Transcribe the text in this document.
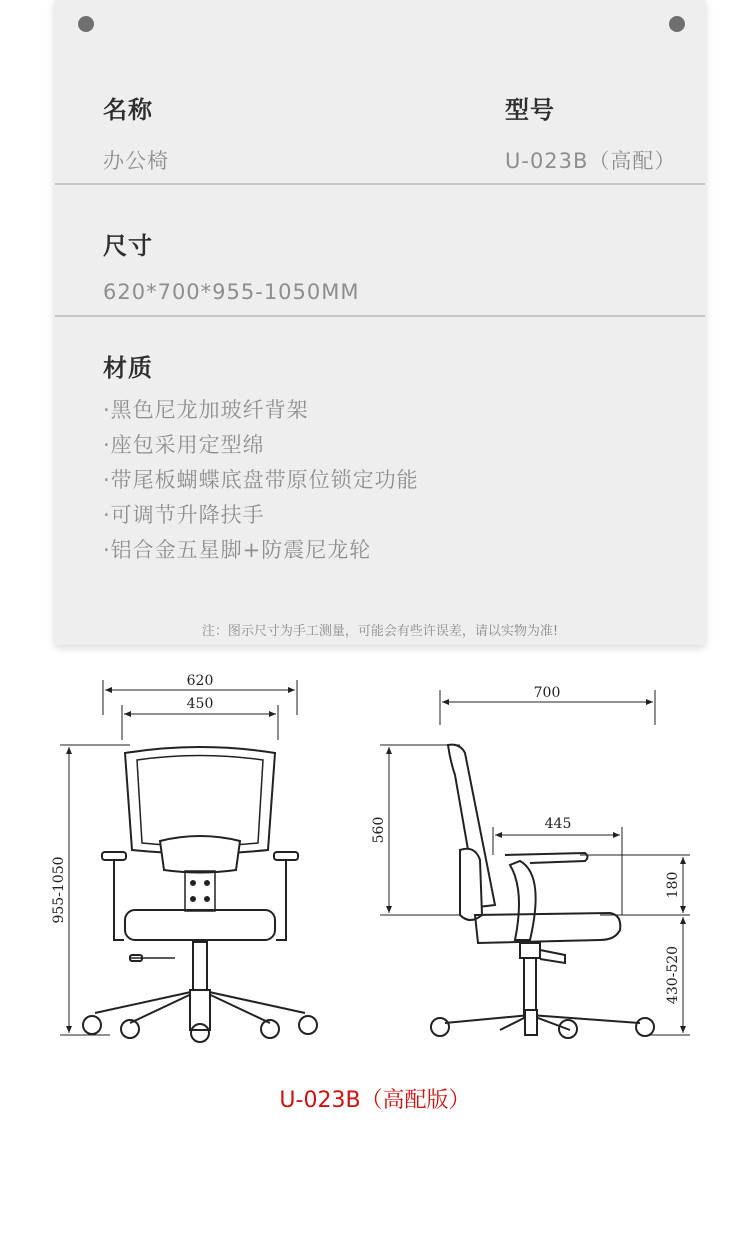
名称
办公椅
型号
U-023B（高配）
尺寸
620*700*955-1050MM
材质
·黑色尼龙加玻纤背架
·座包采用定型绵
·带尾板蝴蝶底盘带原位锁定功能
·可调节升降扶手
·铝合金五星脚+防震尼龙轮
注：图示尺寸为手工测量，可能会有些许误差，请以实物为准!
620
450
955-1050
700
560	445
180
430-520
U-023B（高配版）
